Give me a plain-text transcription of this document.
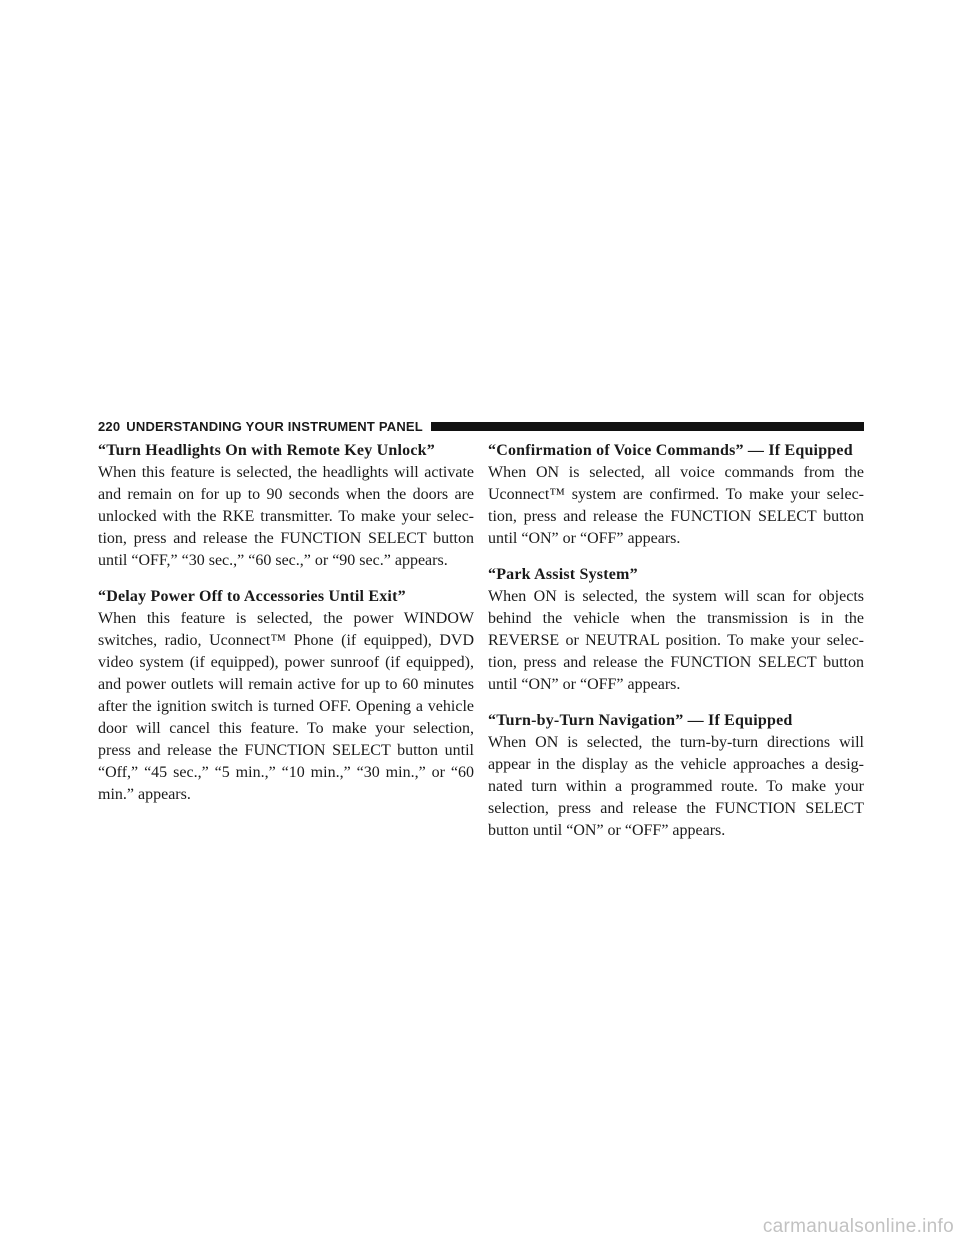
220 UNDERSTANDING YOUR INSTRUMENT PANEL

“Turn Headlights On with Remote Key Unlock”

When this feature is selected, the headlights will activate and remain on for up to 90 seconds when the doors are unlocked with the RKE transmitter. To make your selec-tion, press and release the FUNCTION SELECT button until “OFF,” “30 sec.,” “60 sec.,” or “90 sec.” appears.

“Delay Power Off to Accessories Until Exit”

When this feature is selected, the power WINDOW switches, radio, Uconnect™ Phone (if equipped), DVD video system (if equipped), power sunroof (if equipped), and power outlets will remain active for up to 60 minutes after the ignition switch is turned OFF. Opening a vehicle door will cancel this feature. To make your selection, press and release the FUNCTION SELECT button until “Off,” “45 sec.,” “5 min.,” “10 min.,” “30 min.,” or “60 min.” appears.

“Confirmation of Voice Commands” — If Equipped

When ON is selected, all voice commands from the Uconnect™ system are confirmed. To make your selec-tion, press and release the FUNCTION SELECT button until “ON” or “OFF” appears.

“Park Assist System”

When ON is selected, the system will scan for objects behind the vehicle when the transmission is in the REVERSE or NEUTRAL position. To make your selec-tion, press and release the FUNCTION SELECT button until “ON” or “OFF” appears.

“Turn-by-Turn Navigation” — If Equipped

When ON is selected, the turn-by-turn directions will appear in the display as the vehicle approaches a desig-nated turn within a programmed route. To make your selection, press and release the FUNCTION SELECT button until “ON” or “OFF” appears.

carmanualsonline.info
